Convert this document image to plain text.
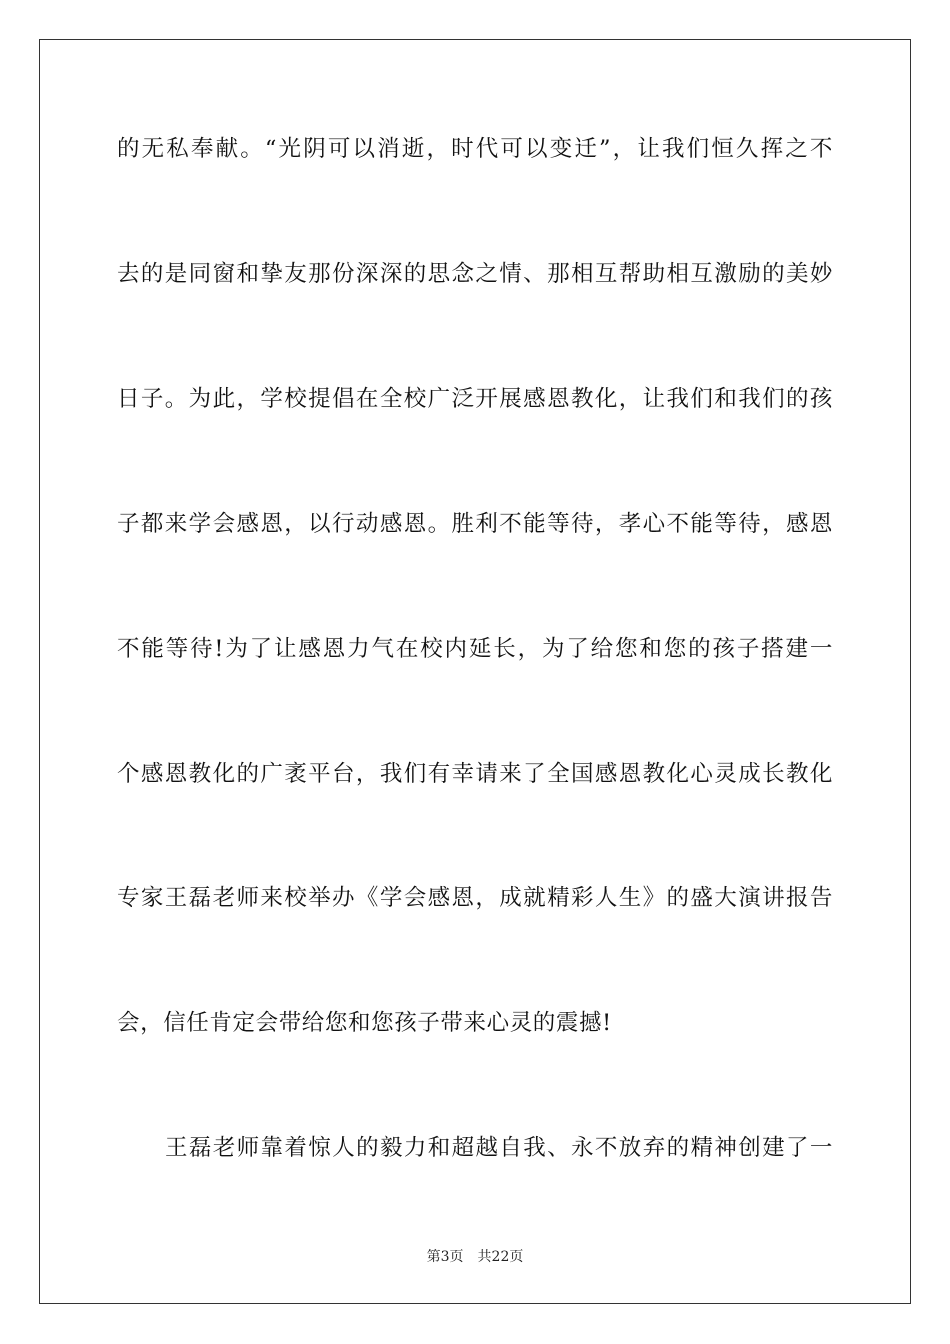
的无私奉献。“光阴可以消逝，时代可以变迁”，让我们恒久挥之不
去的是同窗和挚友那份深深的思念之情、那相互帮助相互激励的美妙
日子。为此，学校提倡在全校广泛开展感恩教化，让我们和我们的孩
子都来学会感恩，以行动感恩。胜利不能等待，孝心不能等待，感恩
不能等待!为了让感恩力气在校内延长，为了给您和您的孩子搭建一
个感恩教化的广袤平台，我们有幸请来了全国感恩教化心灵成长教化
专家王磊老师来校举办《学会感恩，成就精彩人生》的盛大演讲报告
会，信任肯定会带给您和您孩子带来心灵的震撼!
王磊老师靠着惊人的毅力和超越自我、永不放弃的精神创建了一
第3页 共22页
